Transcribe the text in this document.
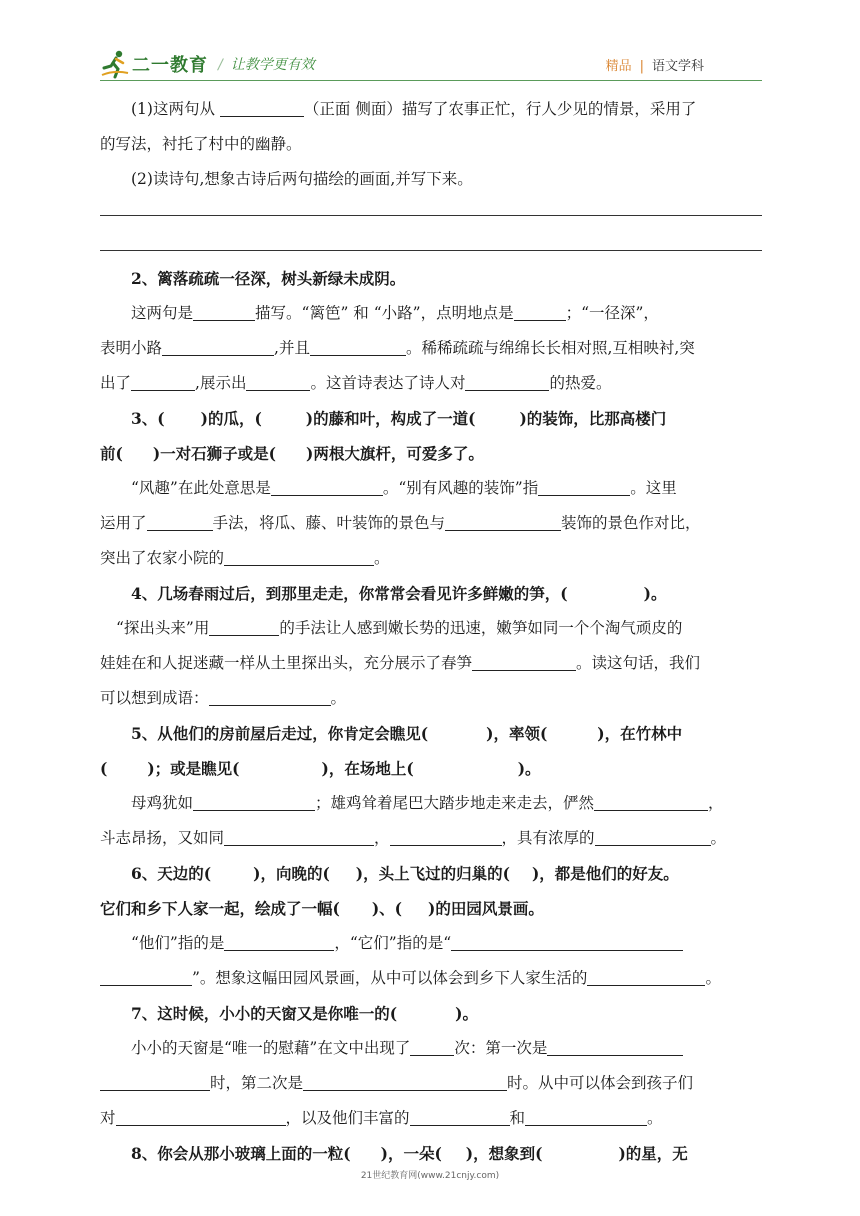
二一教育 / 让教学更有效	精品 | 语文学科

(1)这两句从	（正面 侧面）描写了农事正忙，行人少见的情景，采用了

的写法，衬托了村中的幽静。

(2)读诗句,想象古诗后两句描绘的画面,并写下来。

2、篱落疏疏一径深，树头新绿未成阴。

这两句是	描写。“篱笆” 和 “小路”，点明地点是	；“一径深”，

表明小路	,并且	。稀稀疏疏与绵绵长长相对照,互相映衬,突

出了	,展示出	。这首诗表达了诗人对	的热爱。

3、( )的瓜，(	)的藤和叶，构成了一道(	)的装饰，比那高楼门

前( )一对石狮子或是( )两根大旗杆，可爱多了。

“风趣”在此处意思是	。“别有风趣的装饰”指	。这里

运用了	手法，将瓜、藤、叶装饰的景色与	装饰的景色作对比，

突出了农家小院的	。

4、几场春雨过后，到那里走走，你常常会看见许多鲜嫩的笋，(	)。

“探出头来”用	的手法让人感到嫩长势的迅速，嫩笋如同一个个淘气顽皮的

娃娃在和人捉迷藏一样从土里探出头，充分展示了春笋	。读这句话，我们

可以想到成语：	。

5、从他们的房前屋后走过，你肯定会瞧见(	)，率领(	)，在竹林中

(	)；或是瞧见(	)，在场地上(	)。

母鸡犹如	；雄鸡耸着尾巴大踏步地走来走去，俨然	，

斗志昂扬，又如同	，	，具有浓厚的	。

6、天边的(	)，向晚的( )，头上飞过的归巢的( )，都是他们的好友。

它们和乡下人家一起，绘成了一幅( )、( )的田园风景画。

“他们”指的是	，“它们”指的是“

”。想象这幅田园风景画，从中可以体会到乡下人家生活的	。

7、这时候，小小的天窗又是你唯一的(	)。

小小的天窗是“唯一的慰藉”在文中出现了	次：第一次是

时，第二次是	时。从中可以体会到孩子们

对	，以及他们丰富的	和	。

8、你会从那小玻璃上面的一粒( )，一朵( )，想象到(	)的星，无

21世纪教育网(www.21cnjy.com)
